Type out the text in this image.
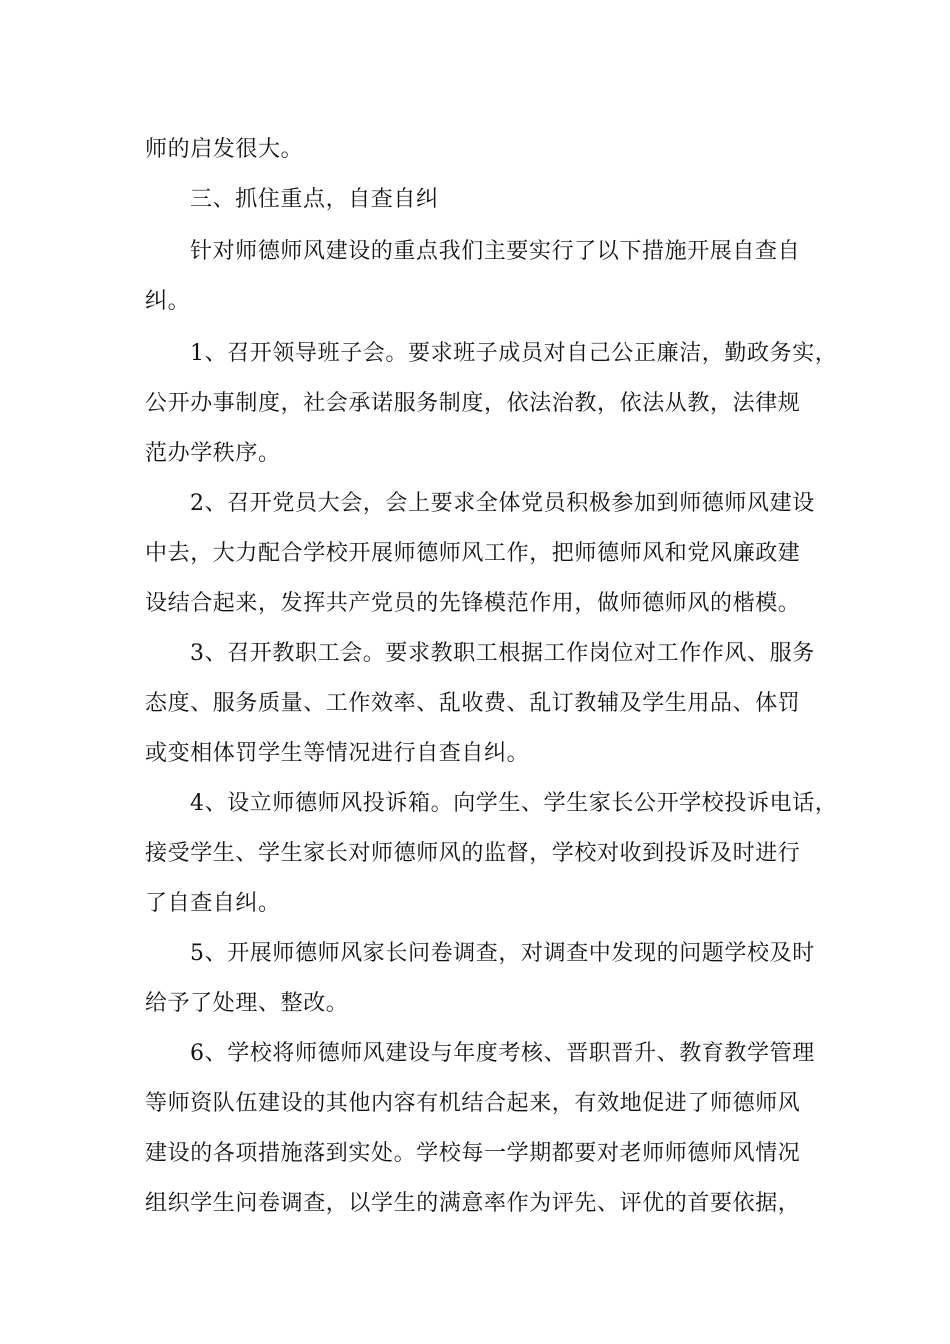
师的启发很大。
三、抓住重点，自查自纠
针对师德师风建设的重点我们主要实行了以下措施开展自查自
纠。
1、召开领导班子会。要求班子成员对自己公正廉洁，勤政务实，
公开办事制度，社会承诺服务制度，依法治教，依法从教，法律规
范办学秩序。
2、召开党员大会，会上要求全体党员积极参加到师德师风建设
中去，大力配合学校开展师德师风工作，把师德师风和党风廉政建
设结合起来，发挥共产党员的先锋模范作用，做师德师风的楷模。
3、召开教职工会。要求教职工根据工作岗位对工作作风、服务
态度、服务质量、工作效率、乱收费、乱订教辅及学生用品、体罚
或变相体罚学生等情况进行自查自纠。
4、设立师德师风投诉箱。向学生、学生家长公开学校投诉电话，
接受学生、学生家长对师德师风的监督，学校对收到投诉及时进行
了自查自纠。
5、开展师德师风家长问卷调查，对调查中发现的问题学校及时
给予了处理、整改。
6、学校将师德师风建设与年度考核、晋职晋升、教育教学管理
等师资队伍建设的其他内容有机结合起来，有效地促进了师德师风
建设的各项措施落到实处。学校每一学期都要对老师师德师风情况
组织学生问卷调查，以学生的满意率作为评先、评优的首要依据，
